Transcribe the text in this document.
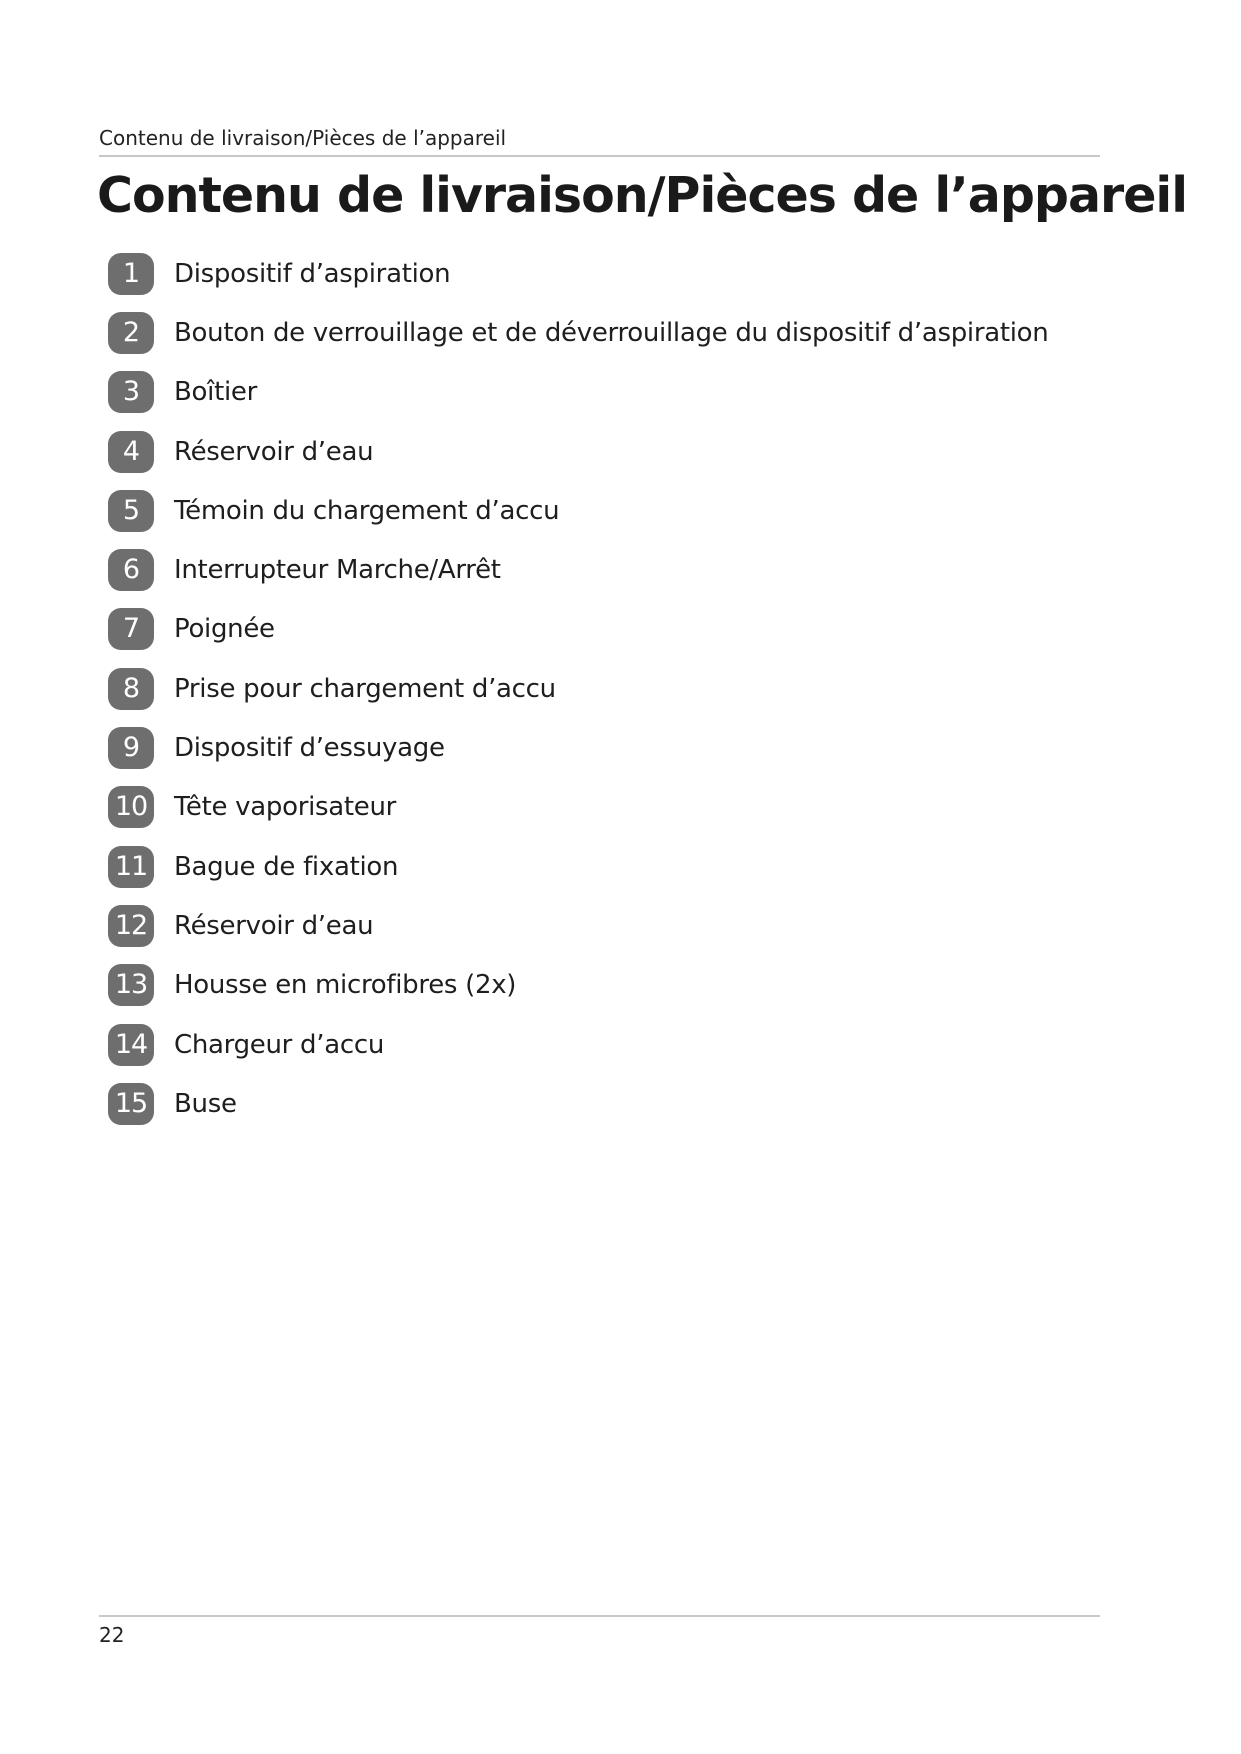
Contenu de livraison/Pièces de l’appareil
Contenu de livraison/Pièces de l’appareil
1	Dispositif d’aspiration
2	Bouton de verrouillage et de déverrouillage du dispositif d’aspiration
3	Boîtier
4	Réservoir d’eau
5	Témoin du chargement d’accu
6	Interrupteur Marche/Arrêt
7	Poignée
8	Prise pour chargement d’accu
9	Dispositif d’essuyage
10 Tête vaporisateur
11 Bague de fixation
12 Réservoir d’eau
13 Housse en microfibres (2x)
14 Chargeur d’accu
15 Buse
22
